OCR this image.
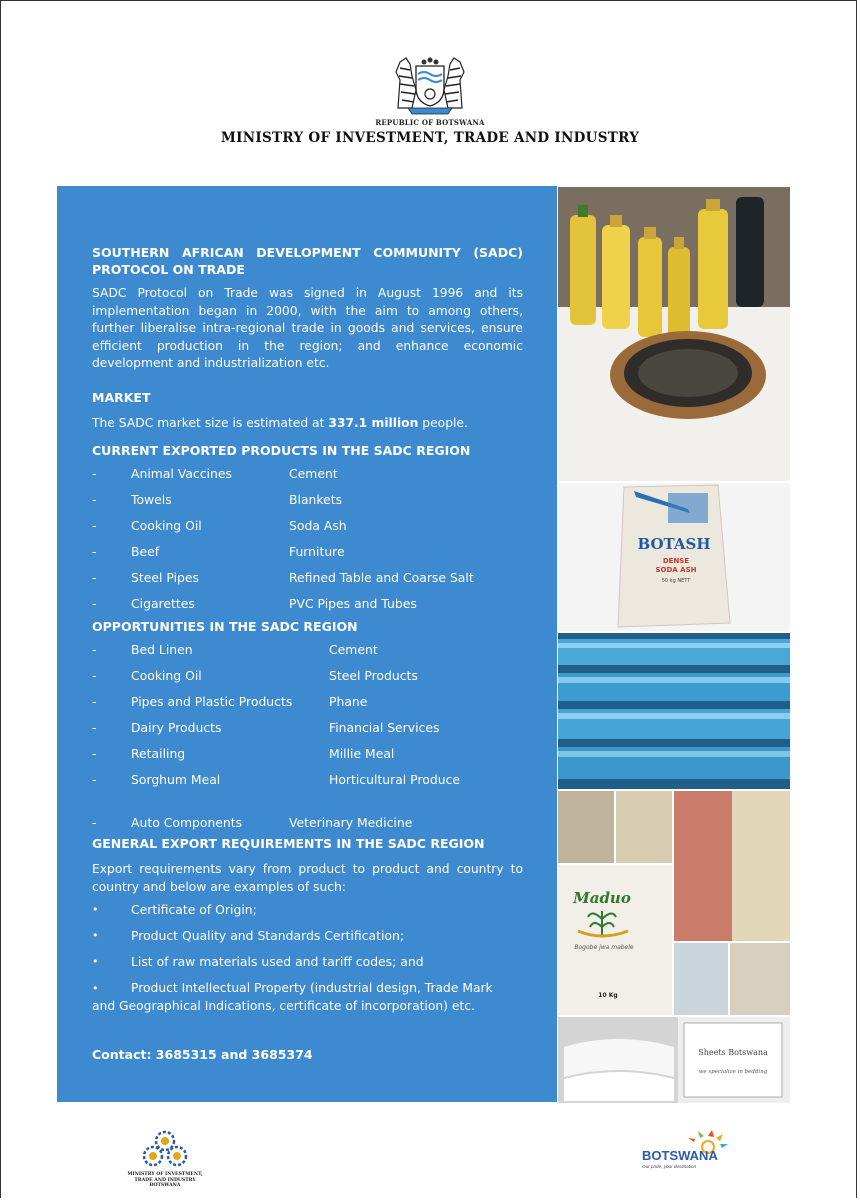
REPUBLIC OF BOTSWANA
MINISTRY OF INVESTMENT, TRADE AND INDUSTRY
SOUTHERN AFRICAN DEVELOPMENT COMMUNITY (SADC)
PROTOCOL ON TRADE
SADC Protocol on Trade was signed in August 1996 and its implementation began in 2000, with the aim to among others, further liberalise intra-regional trade in goods and services, ensure efficient production in the region; and enhance economic development and industrialization etc.
MARKET
The SADC market size is estimated at 337.1 million people.
CURRENT EXPORTED PRODUCTS IN THE SADC REGION
-	Animal Vaccines	Cement
-	Towels	Blankets
-	Cooking Oil	Soda Ash
-	Beef	Furniture
-	Steel Pipes	Refined Table and Coarse Salt
-	Cigarettes	PVC Pipes and Tubes
OPPORTUNITIES IN THE SADC REGION
-	Bed Linen	Cement
-	Cooking Oil	Steel Products
-	Pipes and Plastic Products	Phane
-	Dairy Products	Financial Services
-	Retailing	Millie Meal
-	Sorghum Meal	Horticultural Produce
-	Auto Components	Veterinary Medicine
GENERAL EXPORT REQUIREMENTS IN THE SADC REGION
Export requirements vary from product to product and country to country and below are examples of such:
•	Certificate of Origin;
•	Product Quality and Standards Certification;
•	List of raw materials used and tariff codes; and
•	Product Intellectual Property (industrial design, Trade Mark
and Geographical Indications, certificate of incorporation) etc.
Contact: 3685315 and 3685374
BOTASH
DENSE
SODA ASH
50 kg NETT
Maduo
Bogobe jwa mabele
10 Kg
Sheets Botswana
we specialize in bedding
MINISTRY OF INVESTMENT,
TRADE AND INDUSTRY
BOTSWANA
BOTSWANA
Our pride, your destination
